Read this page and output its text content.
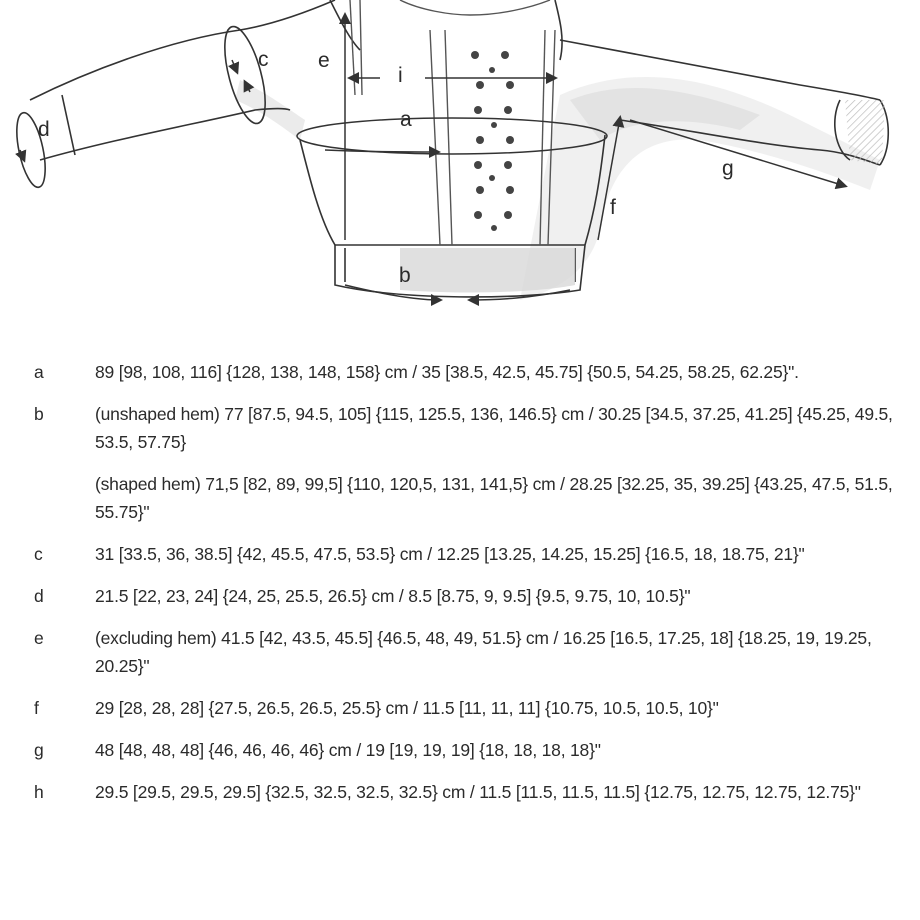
a
b
c
d
e
f
g
i
a	89 [98, 108, 116] {128, 138, 148, 158} cm / 35 [38.5, 42.5, 45.75] {50.5, 54.25, 58.25, 62.25}".
b	(unshaped hem) 77 [87.5, 94.5, 105] {115, 125.5, 136, 146.5} cm / 30.25 [34.5, 37.25, 41.25] {45.25, 49.5, 53.5, 57.75}
(shaped hem) 71,5 [82, 89, 99,5] {110, 120,5, 131, 141,5} cm / 28.25 [32.25, 35, 39.25] {43.25, 47.5, 51.5, 55.75}"
c	31 [33.5, 36, 38.5] {42, 45.5, 47.5, 53.5} cm / 12.25 [13.25, 14.25, 15.25] {16.5, 18, 18.75, 21}"
d	21.5 [22, 23, 24] {24, 25, 25.5, 26.5} cm / 8.5 [8.75, 9, 9.5] {9.5, 9.75, 10, 10.5}"
e	(excluding hem) 41.5 [42, 43.5, 45.5] {46.5, 48, 49, 51.5} cm / 16.25 [16.5, 17.25, 18] {18.25, 19, 19.25, 20.25}"
f	29 [28, 28, 28] {27.5, 26.5, 26.5, 25.5} cm / 11.5 [11, 11, 11] {10.75, 10.5, 10.5, 10}"
g	48 [48, 48, 48] {46, 46, 46, 46} cm / 19 [19, 19, 19] {18, 18, 18, 18}"
h	29.5 [29.5, 29.5, 29.5] {32.5, 32.5, 32.5, 32.5} cm / 11.5 [11.5, 11.5, 11.5] {12.75, 12.75, 12.75, 12.75}"
